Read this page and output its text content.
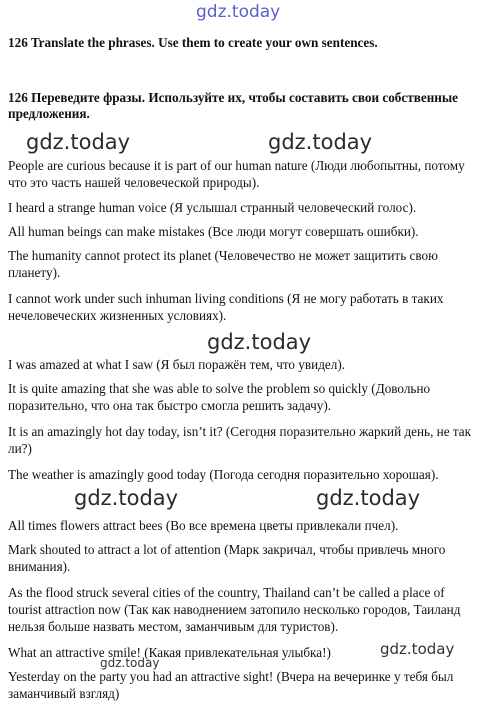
gdz.today
gdz.today	gdz.today
gdz.today
gdz.today	gdz.today
gdz.today
gdz.today
126 Translate the phrases. Use them to create your own sentences.
126 Переведите фразы. Используйте их, чтобы составить свои собственные предложения.
People are curious because it is part of our human nature (Люди любопытны, потому что это часть нашей человеческой природы).
I heard a strange human voice (Я услышал странный человеческий голос).
All human beings can make mistakes (Все люди могут совершать ошибки).
The humanity cannot protect its planet (Человечество не может защитить свою планету).
I cannot work under such inhuman living conditions (Я не могу работать в таких нечеловеческих жизненных условиях).
I was amazed at what I saw (Я был поражён тем, что увидел).
It is quite amazing that she was able to solve the problem so quickly (Довольно поразительно, что она так быстро смогла решить задачу).
It is an amazingly hot day today, isn’t it? (Сегодня поразительно жаркий день, не так ли?)
The weather is amazingly good today (Погода сегодня поразительно хорошая).
All times flowers attract bees (Во все времена цветы привлекали пчел).
Mark shouted to attract a lot of attention (Марк закричал, чтобы привлечь много внимания).
As the flood struck several cities of the country, Thailand can’t be called a place of tourist attraction now (Так как наводнением затопило несколько городов, Таиланд нельзя больше назвать местом, заманчивым для туристов).
What an attractive smile! (Какая привлекательная улыбка!)
Yesterday on the party you had an attractive sight! (Вчера на вечеринке у тебя был заманчивый взгляд)
